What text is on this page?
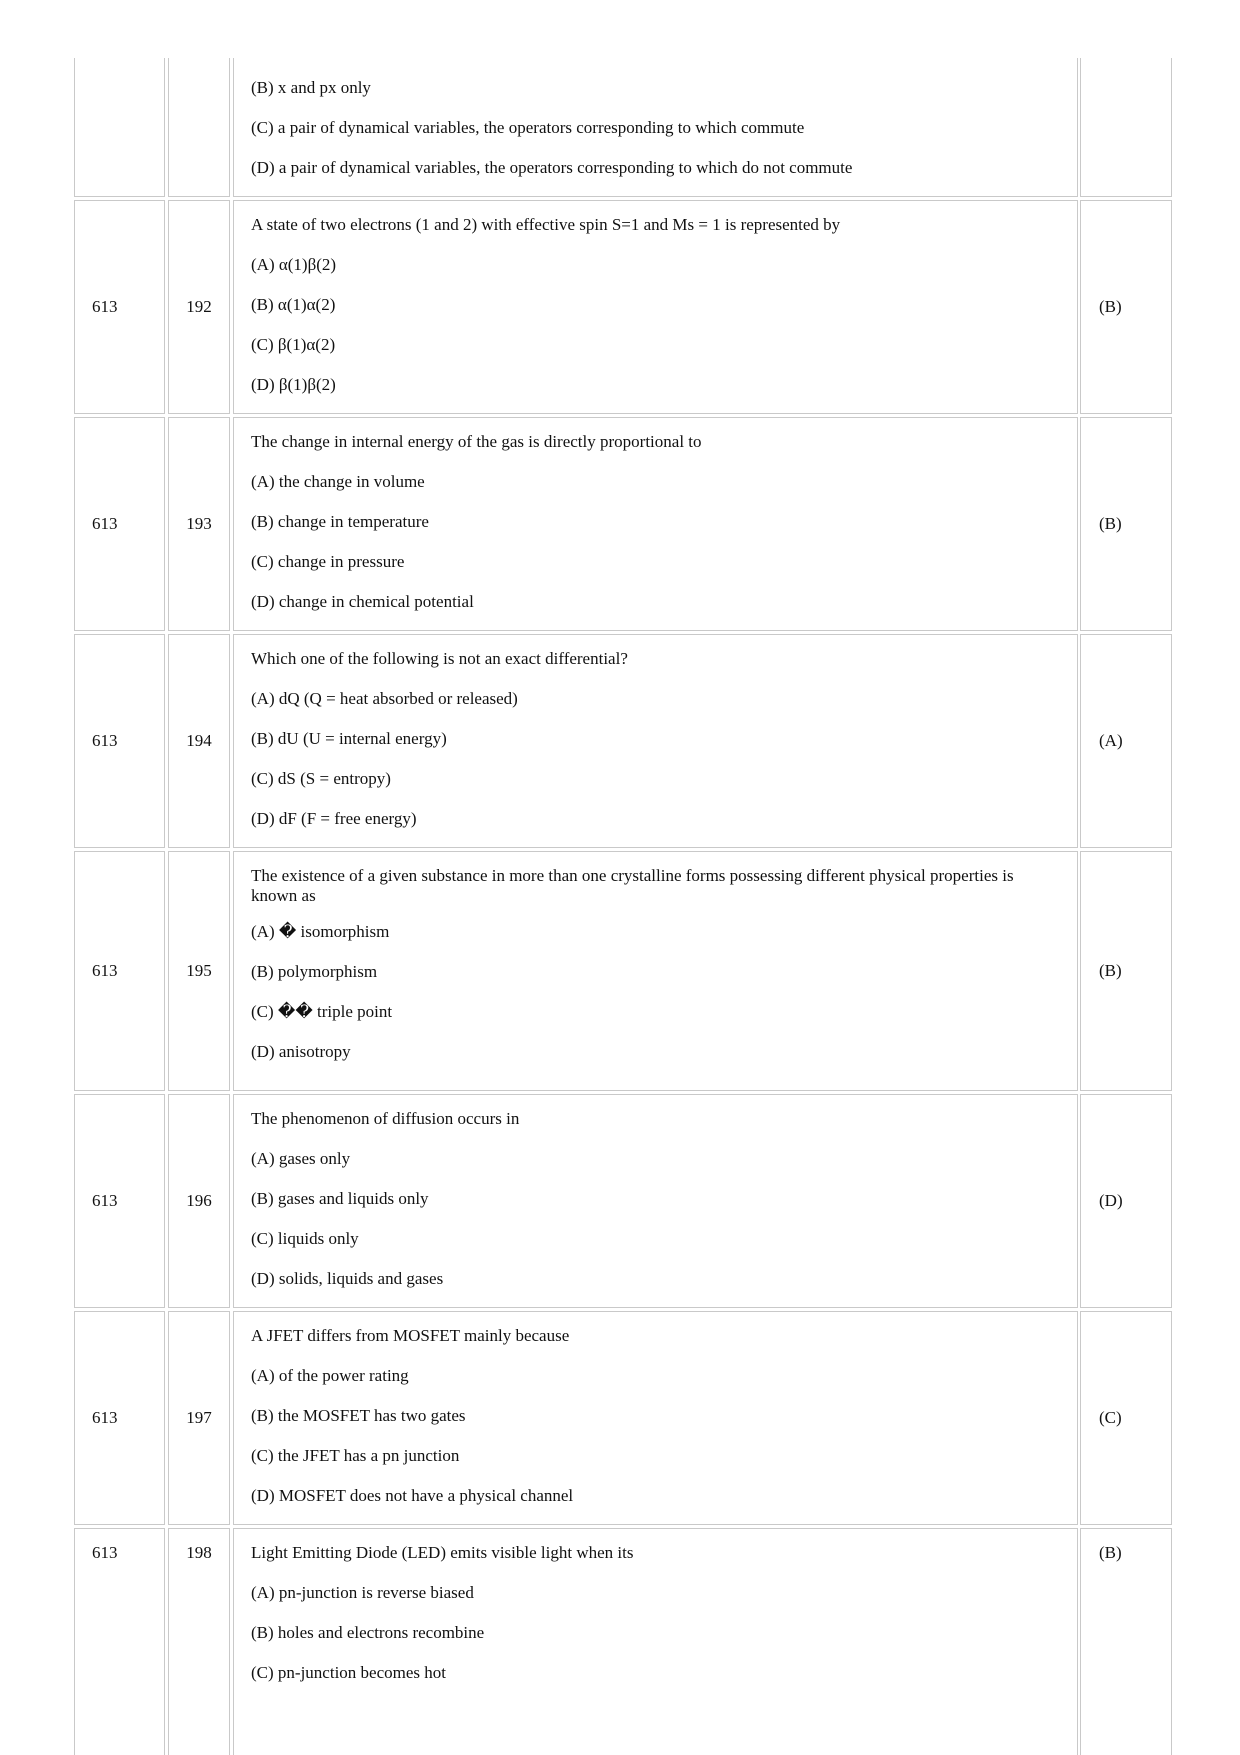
(B) x and px only
(C) a pair of dynamical variables, the operators corresponding to which commute
(D) a pair of dynamical variables, the operators corresponding to which do not commute
613	192
A state of two electrons (1 and 2) with effective spin S=1 and Ms = 1 is represented by
(A) α(1)β(2)
(B) α(1)α(2)
(C) β(1)α(2)
(D) β(1)β(2)
(B)
613	193
The change in internal energy of the gas is directly proportional to
(A) the change in volume
(B) change in temperature
(C) change in pressure
(D) change in chemical potential
(B)
613	194
Which one of the following is not an exact differential?
(A) dQ (Q = heat absorbed or released)
(B) dU (U = internal energy)
(C) dS (S = entropy)
(D) dF (F = free energy)
(A)
613	195
The existence of a given substance in more than one crystalline forms possessing different physical properties is known as
(A) � isomorphism
(B) polymorphism
(C) �� triple point
(D) anisotropy
(B)
613	196
The phenomenon of diffusion occurs in
(A) gases only
(B) gases and liquids only
(C) liquids only
(D) solids, liquids and gases
(D)
613	197
A JFET differs from MOSFET mainly because
(A) of the power rating
(B) the MOSFET has two gates
(C) the JFET has a pn junction
(D) MOSFET does not have a physical channel
(C)
613	198	Light Emitting Diode (LED) emits visible light when its
(A) pn-junction is reverse biased
(B) holes and electrons recombine
(C) pn-junction becomes hot
(B)
